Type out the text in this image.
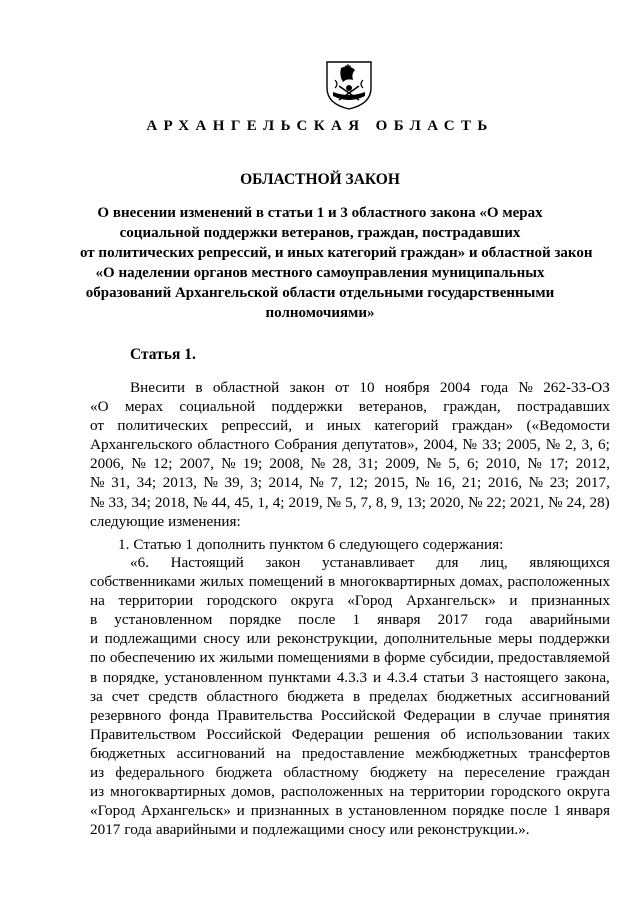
АРХАНГЕЛЬСКАЯ ОБЛАСТЬ
ОБЛАСТНОЙ ЗАКОН
О внесении изменений в статьи 1 и 3 областного закона «О мерах
социальной поддержки ветеранов, граждан, пострадавших
от политических репрессий, и иных категорий граждан» и областной закон
«О наделении органов местного самоуправления муниципальных
образований Архангельской области отдельными государственными
полномочиями»
Статья 1.
Внесити в областной закон от 10 ноября 2004 года № 262-33-ОЗ
«О мерах социальной поддержки ветеранов, граждан, пострадавших
от политических репрессий, и иных категорий граждан» («Ведомости
Архангельского областного Собрания депутатов», 2004, № 33; 2005, № 2, 3, 6;
2006, № 12; 2007, № 19; 2008, № 28, 31; 2009, № 5, 6; 2010, № 17; 2012,
№ 31, 34; 2013, № 39, 3; 2014, № 7, 12; 2015, № 16, 21; 2016, № 23; 2017,
№ 33, 34; 2018, № 44, 45, 1, 4; 2019, № 5, 7, 8, 9, 13; 2020, № 22; 2021, № 24, 28)
следующие изменения:
1. Статью 1 дополнить пунктом 6 следующего содержания:
«6. Настоящий закон устанавливает для лиц, являющихся
собственниками жилых помещений в многоквартирных домах, расположенных
на территории городского округа «Город Архангельск» и признанных
в установленном порядке после 1 января 2017 года аварийными
и подлежащими сносу или реконструкции, дополнительные меры поддержки
по обеспечению их жилыми помещениями в форме субсидии, предоставляемой
в порядке, установленном пунктами 4.3.3 и 4.3.4 статьи 3 настоящего закона,
за счет средств областного бюджета в пределах бюджетных ассигнований
резервного фонда Правительства Российской Федерации в случае принятия
Правительством Российской Федерации решения об использовании таких
бюджетных ассигнований на предоставление межбюджетных трансфертов
из федерального бюджета областному бюджету на переселение граждан
из многоквартирных домов, расположенных на территории городского округа
«Город Архангельск» и признанных в установленном порядке после 1 января
2017 года аварийными и подлежащими сносу или реконструкции.».
